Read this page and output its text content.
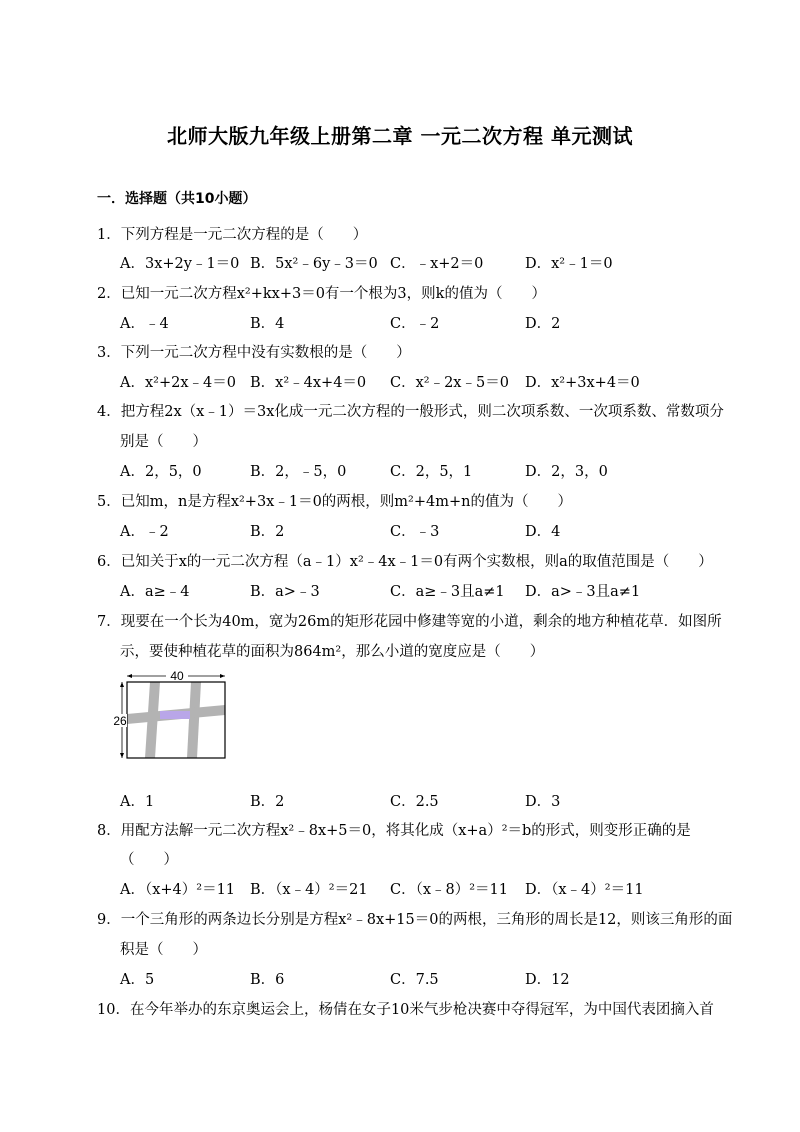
北师大版九年级上册第二章 一元二次方程 单元测试
一．选择题（共10小题）
1．下列方程是一元二次方程的是（　　）
A．3x+2y﹣1＝0 B．5x²﹣6y﹣3＝0 C．﹣x+2＝0	D．x²﹣1＝0
2．已知一元二次方程x²+kx+3＝0有一个根为3，则k的值为（　　）
A．﹣4	B．4	C．﹣2	D．2
3．下列一元二次方程中没有实数根的是（　　）
A．x²+2x﹣4＝0 B．x²﹣4x+4＝0 C．x²﹣2x﹣5＝0 D．x²+3x+4＝0
4．把方程2x（x﹣1）＝3x化成一元二次方程的一般形式，则二次项系数、一次项系数、常数项分
别是（　　）
A．2，5，0	B．2，﹣5，0	C．2，5，1	D．2，3，0
5．已知m，n是方程x²+3x﹣1＝0的两根，则m²+4m+n的值为（　　）
A．﹣2	B．2	C．﹣3	D．4
6．已知关于x的一元二次方程（a﹣1）x²﹣4x﹣1＝0有两个实数根，则a的取值范围是（　　）
A．a≥﹣4	B．a>﹣3	C．a≥﹣3且a≠1 D．a>﹣3且a≠1
7．现要在一个长为40m，宽为26m的矩形花园中修建等宽的小道，剩余的地方种植花草．如图所
示，要使种植花草的面积为864m²，那么小道的宽度应是（　　）
40
26
A．1	B．2	C．2.5	D．3
8．用配方法解一元二次方程x²﹣8x+5＝0，将其化成（x+a）²＝b的形式，则变形正确的是
（　　）
A．（x+4）²＝11 B．（x﹣4）²＝21 C．（x﹣8）²＝11 D．（x﹣4）²＝11
9．一个三角形的两条边长分别是方程x²﹣8x+15＝0的两根，三角形的周长是12，则该三角形的面
积是（　　）
A．5	B．6	C．7.5	D．12
10．在今年举办的东京奥运会上，杨倩在女子10米气步枪决赛中夺得冠军，为中国代表团摘入首
